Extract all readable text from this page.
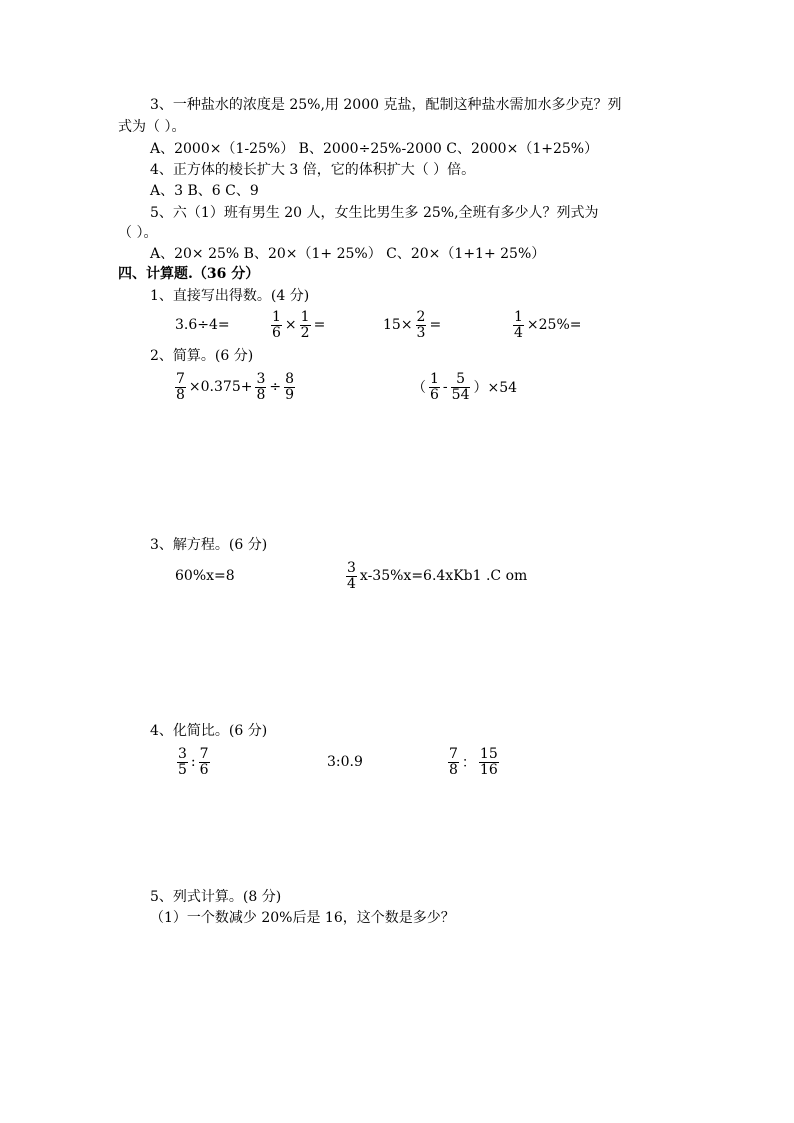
3、一种盐水的浓度是 25%,用 2000 克盐，配制这种盐水需加水多少克？列
式为（ ）。
A、2000×（1-25%） B、2000÷25%-2000 C、2000×（1+25%）
4、正方体的棱长扩大 3 倍，它的体积扩大（ ）倍。
A、3 B、6 C、9
5、六（1）班有男生 20 人，女生比男生多 25%,全班有多少人？列式为
（ ）。
A、20× 25% B、20×（1+ 25%） C、20×（1+1+ 25%）
四、计算题.（36 分）
1、直接写出得数。(4 分)
3.6÷4=	$\frac{1}{6} \times \frac{1}{2}$ =	$15\times \frac{2}{3}$ =	$\frac{1}{4} \times 25\%=$
2、简算。(6 分)
$\frac{7}{8} \times 0.375+ \frac{3}{8} \div \frac{8}{9}$	（ $\frac{1}{6} - \frac{5}{54} )\times 54$
3、解方程。(6 分)
60%x=8	$\frac{3}{4} x-35\%x=6.4xKb1$ .C om
4、化简比。(6 分)
$\frac{3}{5}$ : $\frac{7}{6}$	3:0.9	$\frac{7}{8}$ ： $\frac{15}{16}$
5、列式计算。(8 分)
（1）一个数减少 20%后是 16，这个数是多少？
